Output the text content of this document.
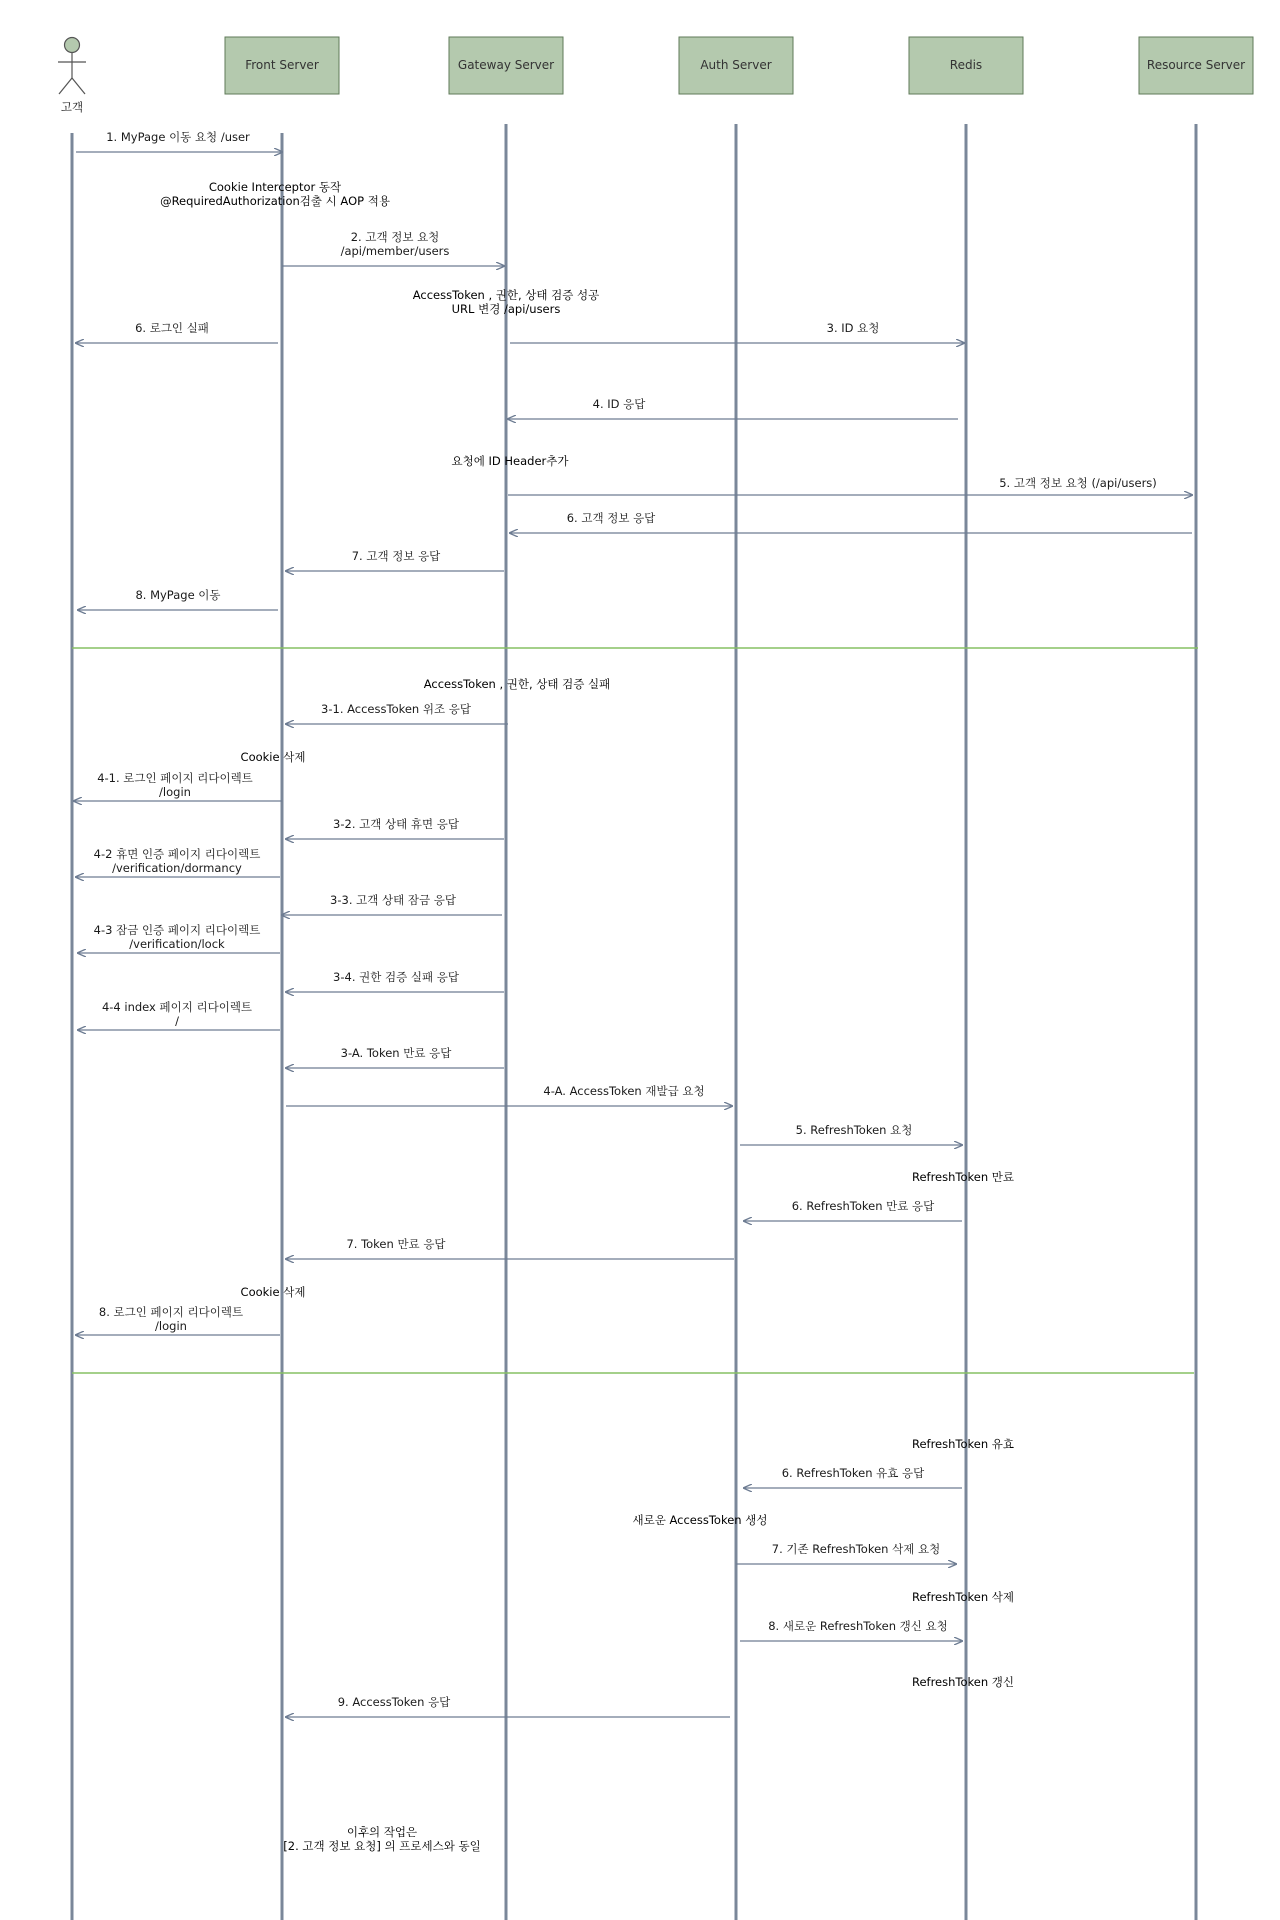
Front Server	Gateway Server	Auth Server	Redis	Resource Server
고객
1. MyPage 이동 요청 /user
2. 고객 정보 요청 /api/member/users
6. 로그인 실패	3. ID 요청
4. ID 응답
5. 고객 정보 요청 (/api/users)
6. 고객 정보 응답
7. 고객 정보 응답
8. MyPage 이동
3-1. AccessToken 위조 응답
4-1. 로그인 페이지 리다이렉트 /login
3-2. 고객 상태 휴면 응답
4-2 휴면 인증 페이지 리다이렉트 /verification/dormancy
3-3. 고객 상태 잠금 응답
4-3 잠금 인증 페이지 리다이렉트 /verification/lock
3-4. 권한 검증 실패 응답
4-4 index 페이지 리다이렉트 /
3-A. Token 만료 응답
4-A. AccessToken 재발급 요청
5. RefreshToken 요청
6. RefreshToken 만료 응답
7. Token 만료 응답
8. 로그인 페이지 리다이렉트 /login
6. RefreshToken 유효 응답
7. 기존 RefreshToken 삭제 요청
8. 새로운 RefreshToken 갱신 요청
9. AccessToken 응답
Cookie Interceptor 동작 @RequiredAuthorization검출 시 AOP 적용
AccessToken , 권한, 상태 검증 성공 URL 변경 /api/users
요청에 ID Header추가
AccessToken , 권한, 상태 검증 실패
Cookie 삭제
RefreshToken 만료
Cookie 삭제
RefreshToken 유효
새로운 AccessToken 생성
RefreshToken 삭제
RefreshToken 갱신
이후의 작업은 [2. 고객 정보 요청] 의 프로세스와 동일
